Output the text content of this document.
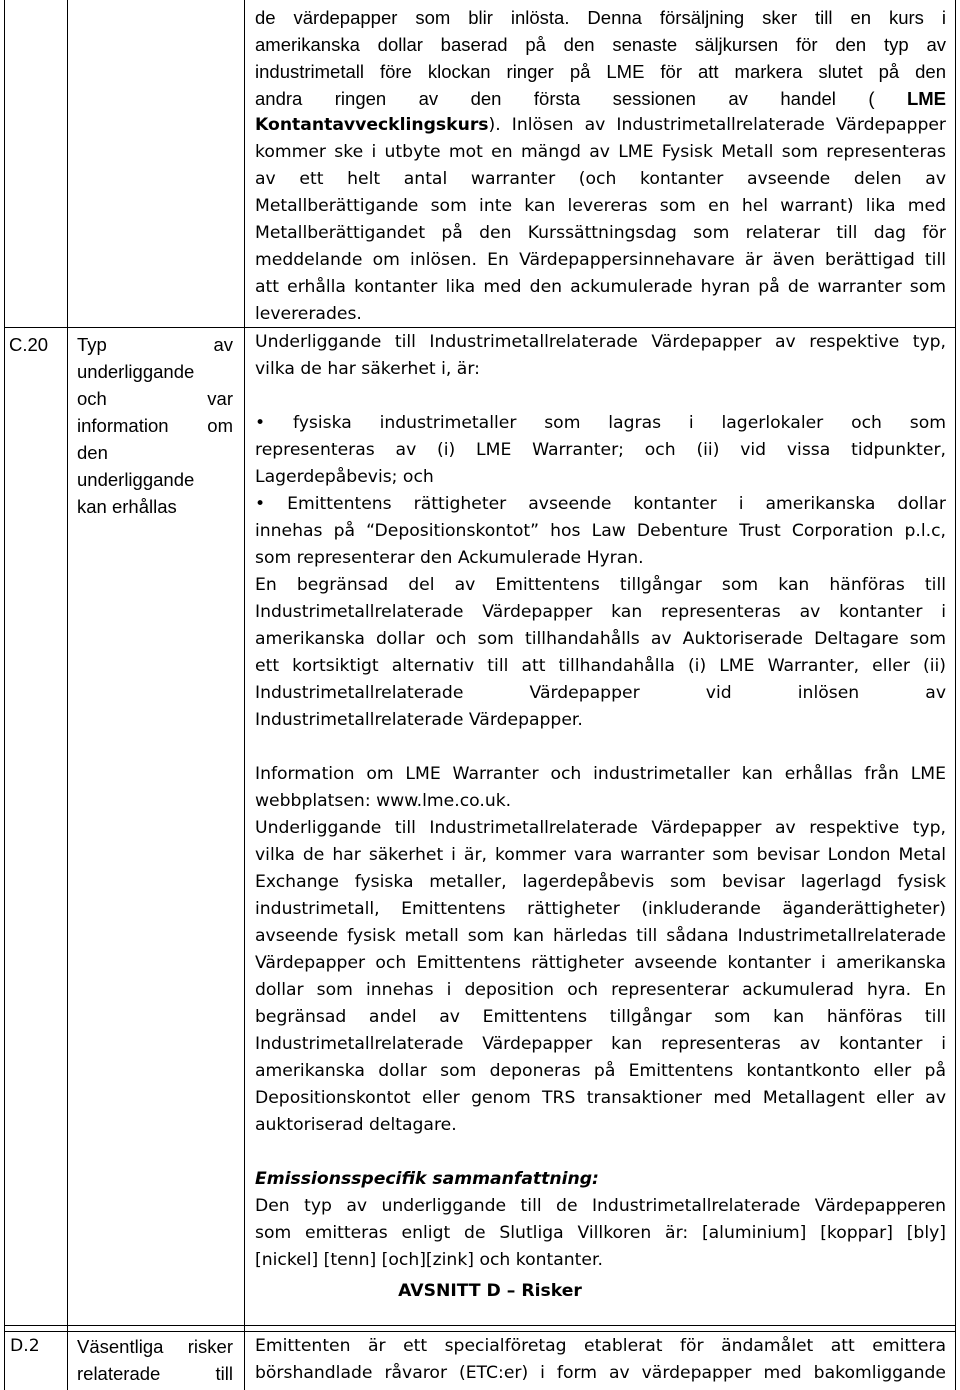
de värdepapper som blir inlösta. Denna försäljning sker till en kurs i
amerikanska dollar baserad på den senaste säljkursen för den typ av
industrimetall före klockan ringer på LME för att markera slutet på den
andra ringen av den första sessionen av handel ( LME
Kontantavvecklingskurs). Inlösen av Industrimetallrelaterade Värdepapper
kommer ske i utbyte mot en mängd av LME Fysisk Metall som representeras
av ett helt antal warranter (och kontanter avseende delen av
Metallberättigande som inte kan levereras som en hel warrant) lika med
Metallberättigandet på den Kurssättningsdag som relaterar till dag för
meddelande om inlösen. En Värdepappersinnehavare är även berättigad till
att erhålla kontanter lika med den ackumulerade hyran på de warranter som
levererades.
C.20 Typ av
underliggande
och var
information om
den
underliggande
kan erhållas
Underliggande till Industrimetallrelaterade Värdepapper av respektive typ,
vilka de har säkerhet i, är:
• fysiska industrimetaller som lagras i lagerlokaler och som
representeras av (i) LME Warranter; och (ii) vid vissa tidpunkter,
Lagerdepåbevis; och
• Emittentens rättigheter avseende kontanter i amerikanska dollar
innehas på “Depositionskontot” hos Law Debenture Trust Corporation p.l.c,
som representerar den Ackumulerade Hyran.
En begränsad del av Emittentens tillgångar som kan hänföras till
Industrimetallrelaterade Värdepapper kan representeras av kontanter i
amerikanska dollar och som tillhandahålls av Auktoriserade Deltagare som
ett kortsiktigt alternativ till att tillhandahålla (i) LME Warranter, eller (ii)
Industrimetallrelaterade Värdepapper vid inlösen av
Industrimetallrelaterade Värdepapper.
Information om LME Warranter och industrimetaller kan erhållas från LME
webbplatsen: www.lme.co.uk.
Underliggande till Industrimetallrelaterade Värdepapper av respektive typ,
vilka de har säkerhet i är, kommer vara warranter som bevisar London Metal
Exchange fysiska metaller, lagerdepåbevis som bevisar lagerlagd fysisk
industrimetall, Emittentens rättigheter (inkluderande äganderättigheter)
avseende fysisk metall som kan härledas till sådana Industrimetallrelaterade
Värdepapper och Emittentens rättigheter avseende kontanter i amerikanska
dollar som innehas i deposition och representerar ackumulerad hyra. En
begränsad andel av Emittentens tillgångar som kan hänföras till
Industrimetallrelaterade Värdepapper kan representeras av kontanter i
amerikanska dollar som deponeras på Emittentens kontantkonto eller på
Depositionskontot eller genom TRS transaktioner med Metallagent eller av
auktoriserad deltagare.
Emissionsspecifik sammanfattning:
Den typ av underliggande till de Industrimetallrelaterade Värdepapperen
som emitteras enligt de Slutliga Villkoren är: [aluminium] [koppar] [bly]
[nickel] [tenn] [och][zink] och kontanter.
AVSNITT D – Risker
D.2 Väsentliga risker
relaterade till
Emittenten är ett specialföretag etablerat för ändamålet att emittera
börshandlade råvaror (ETC:er) i form av värdepapper med bakomliggande
